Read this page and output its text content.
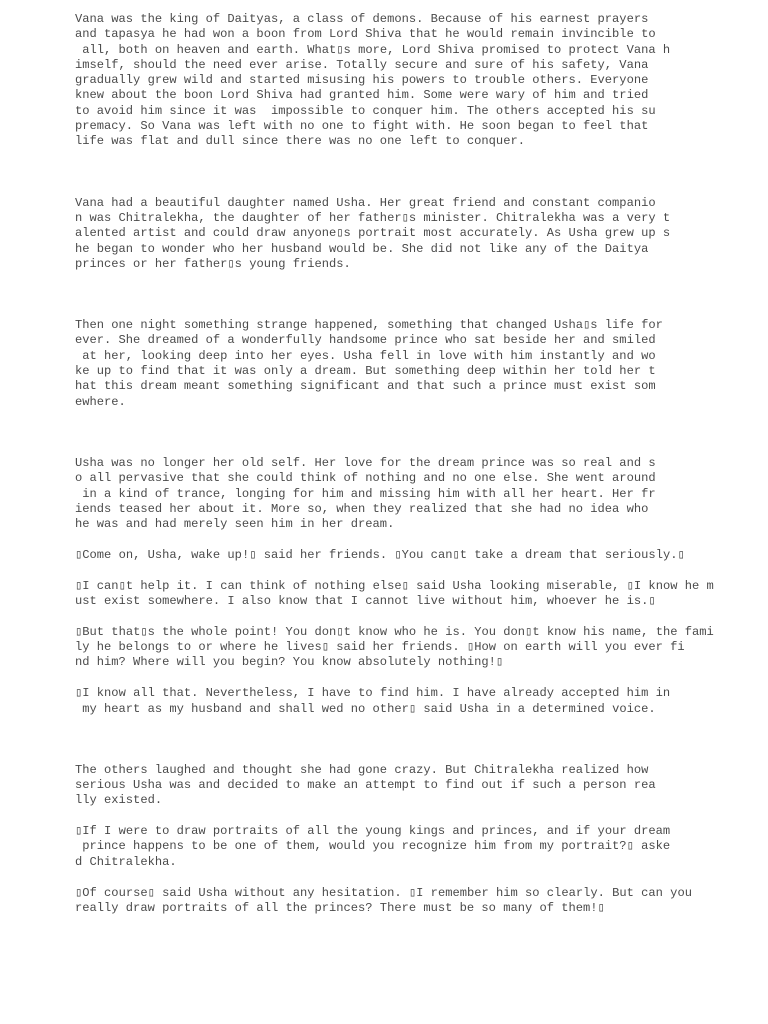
Vana was the king of Daityas, a class of demons. Because of his earnest prayers
and tapasya he had won a boon from Lord Shiva that he would remain invincible to
all, both on heaven and earth. What▯s more, Lord Shiva promised to protect Vana h
imself, should the need ever arise. Totally secure and sure of his safety, Vana
gradually grew wild and started misusing his powers to trouble others. Everyone
knew about the boon Lord Shiva had granted him. Some were wary of him and tried
to avoid him since it was  impossible to conquer him. The others accepted his su
premacy. So Vana was left with no one to fight with. He soon began to feel that
life was flat and dull since there was no one left to conquer.

Vana had a beautiful daughter named Usha. Her great friend and constant companio
n was Chitralekha, the daughter of her father▯s minister. Chitralekha was a very t
alented artist and could draw anyone▯s portrait most accurately. As Usha grew up s
he began to wonder who her husband would be. She did not like any of the Daitya
princes or her father▯s young friends.

Then one night something strange happened, something that changed Usha▯s life for
ever. She dreamed of a wonderfully handsome prince who sat beside her and smiled
at her, looking deep into her eyes. Usha fell in love with him instantly and wo
ke up to find that it was only a dream. But something deep within her told her t
hat this dream meant something significant and that such a prince must exist som
ewhere.

Usha was no longer her old self. Her love for the dream prince was so real and s
o all pervasive that she could think of nothing and no one else. She went around
in a kind of trance, longing for him and missing him with all her heart. Her fr
iends teased her about it. More so, when they realized that she had no idea who
he was and had merely seen him in her dream.

▯Come on, Usha, wake up!▯ said her friends. ▯You can▯t take a dream that seriously.▯

▯I can▯t help it. I can think of nothing else▯ said Usha looking miserable, ▯I know he m
ust exist somewhere. I also know that I cannot live without him, whoever he is.▯

▯But that▯s the whole point! You don▯t know who he is. You don▯t know his name, the fami
ly he belongs to or where he lives▯ said her friends. ▯How on earth will you ever fi
nd him? Where will you begin? You know absolutely nothing!▯

▯I know all that. Nevertheless, I have to find him. I have already accepted him in
my heart as my husband and shall wed no other▯ said Usha in a determined voice.

The others laughed and thought she had gone crazy. But Chitralekha realized how
serious Usha was and decided to make an attempt to find out if such a person rea
lly existed.

▯If I were to draw portraits of all the young kings and princes, and if your dream
prince happens to be one of them, would you recognize him from my portrait?▯ aske
d Chitralekha.

▯Of course▯ said Usha without any hesitation. ▯I remember him so clearly. But can you
really draw portraits of all the princes? There must be so many of them!▯
